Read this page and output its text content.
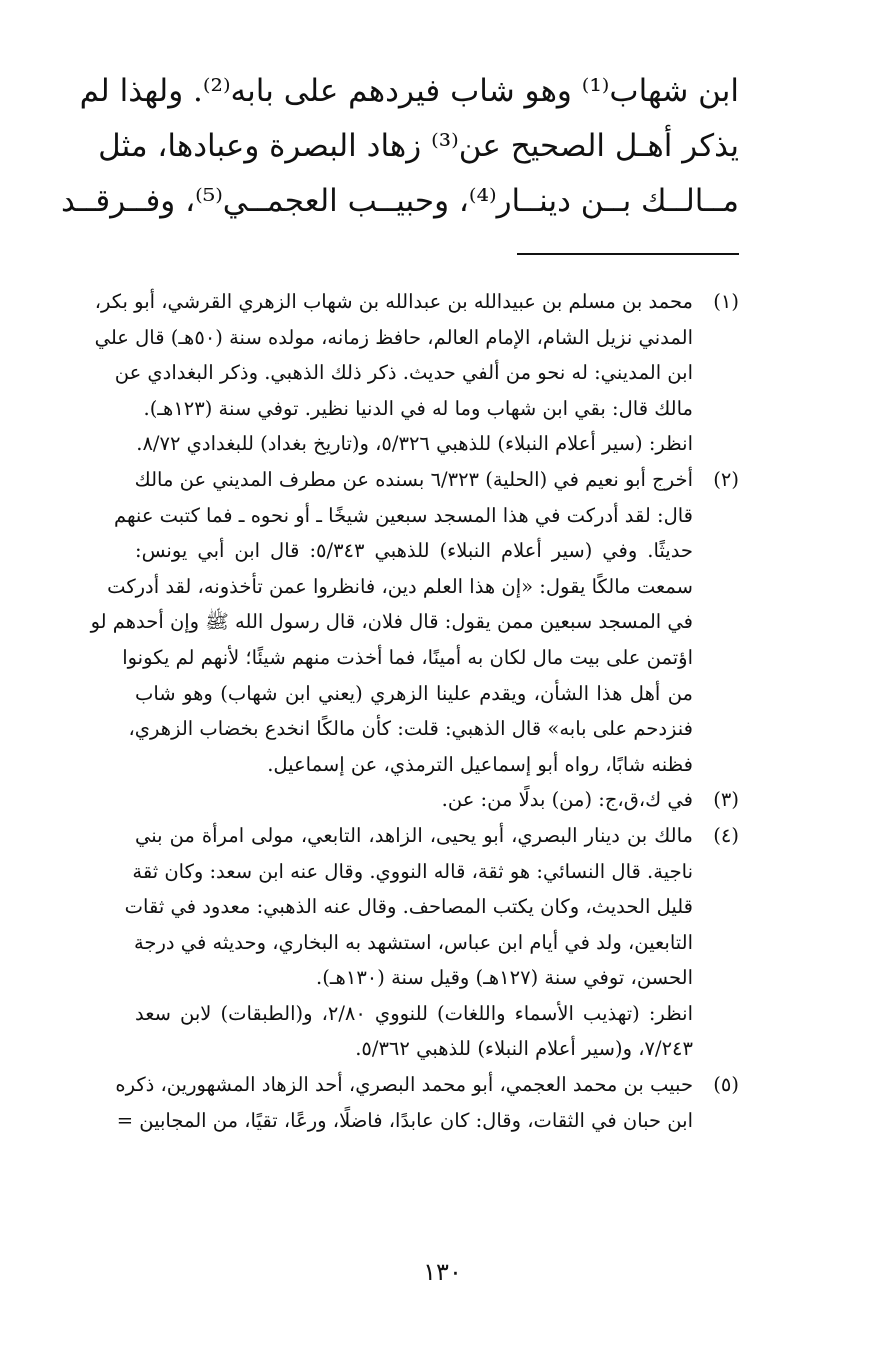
ابن شهاب⁽¹⁾ وهو شاب فيردهم على بابه⁽²⁾. ولهذا لم
يذكر أهـل الصحيح عن⁽³⁾ زهاد البصرة وعبادها، مثل
مــالــك بــن دينــار⁽⁴⁾، وحبيــب العجمــي⁽⁵⁾، وفــرقــد
(١)
محمد بن مسلم بن عبيدالله بن عبدالله بن شهاب الزهري القرشي، أبو بكر،
المدني نزيل الشام، الإمام العالم، حافظ زمانه، مولده سنة (٥٠هـ) قال علي
ابن المديني: له نحو من ألفي حديث. ذكر ذلك الذهبي. وذكر البغدادي عن
مالك قال: بقي ابن شهاب وما له في الدنيا نظير. توفي سنة (١٢٣هـ).
انظر: (سير أعلام النبلاء) للذهبي ٥/٣٢٦، و(تاريخ بغداد) للبغدادي ٨/٧٢.
(٢)
أخرج أبو نعيم في (الحلية) ٦/٣٢٣ بسنده عن مطرف المديني عن مالك
قال: لقد أدركت في هذا المسجد سبعين شيخًا ـ أو نحوه ـ فما كتبت عنهم
حديثًا. وفي (سير أعلام النبلاء) للذهبي ٥/٣٤٣: قال ابن أبي يونس:
سمعت مالكًا يقول: «إن هذا العلم دين، فانظروا عمن تأخذونه، لقد أدركت
في المسجد سبعين ممن يقول: قال فلان، قال رسول الله ﷺ وإن أحدهم لو
اؤتمن على بيت مال لكان به أمينًا، فما أخذت منهم شيئًا؛ لأنهم لم يكونوا
من أهل هذا الشأن، ويقدم علينا الزهري (يعني ابن شهاب) وهو شاب
فنزدحم على بابه» قال الذهبي: قلت: كأن مالكًا انخدع بخضاب الزهري،
فظنه شابًا، رواه أبو إسماعيل الترمذي، عن إسماعيل.
(٣)
في ك،ق،ج: (من) بدلًا من: عن.
(٤)
مالك بن دينار البصري، أبو يحيى، الزاهد، التابعي، مولى امرأة من بني
ناجية. قال النسائي: هو ثقة، قاله النووي. وقال عنه ابن سعد: وكان ثقة
قليل الحديث، وكان يكتب المصاحف. وقال عنه الذهبي: معدود في ثقات
التابعين، ولد في أيام ابن عباس، استشهد به البخاري، وحديثه في درجة
الحسن، توفي سنة (١٢٧هـ) وقيل سنة (١٣٠هـ).
انظر: (تهذيب الأسماء واللغات) للنووي ٢/٨٠، و(الطبقات) لابن سعد
٧/٢٤٣، و(سير أعلام النبلاء) للذهبي ٥/٣٦٢.
(٥)
حبيب بن محمد العجمي، أبو محمد البصري، أحد الزهاد المشهورين، ذكره
ابن حبان في الثقات، وقال: كان عابدًا، فاضلًا، ورعًا، تقيًا، من المجابين =
١٣٠
